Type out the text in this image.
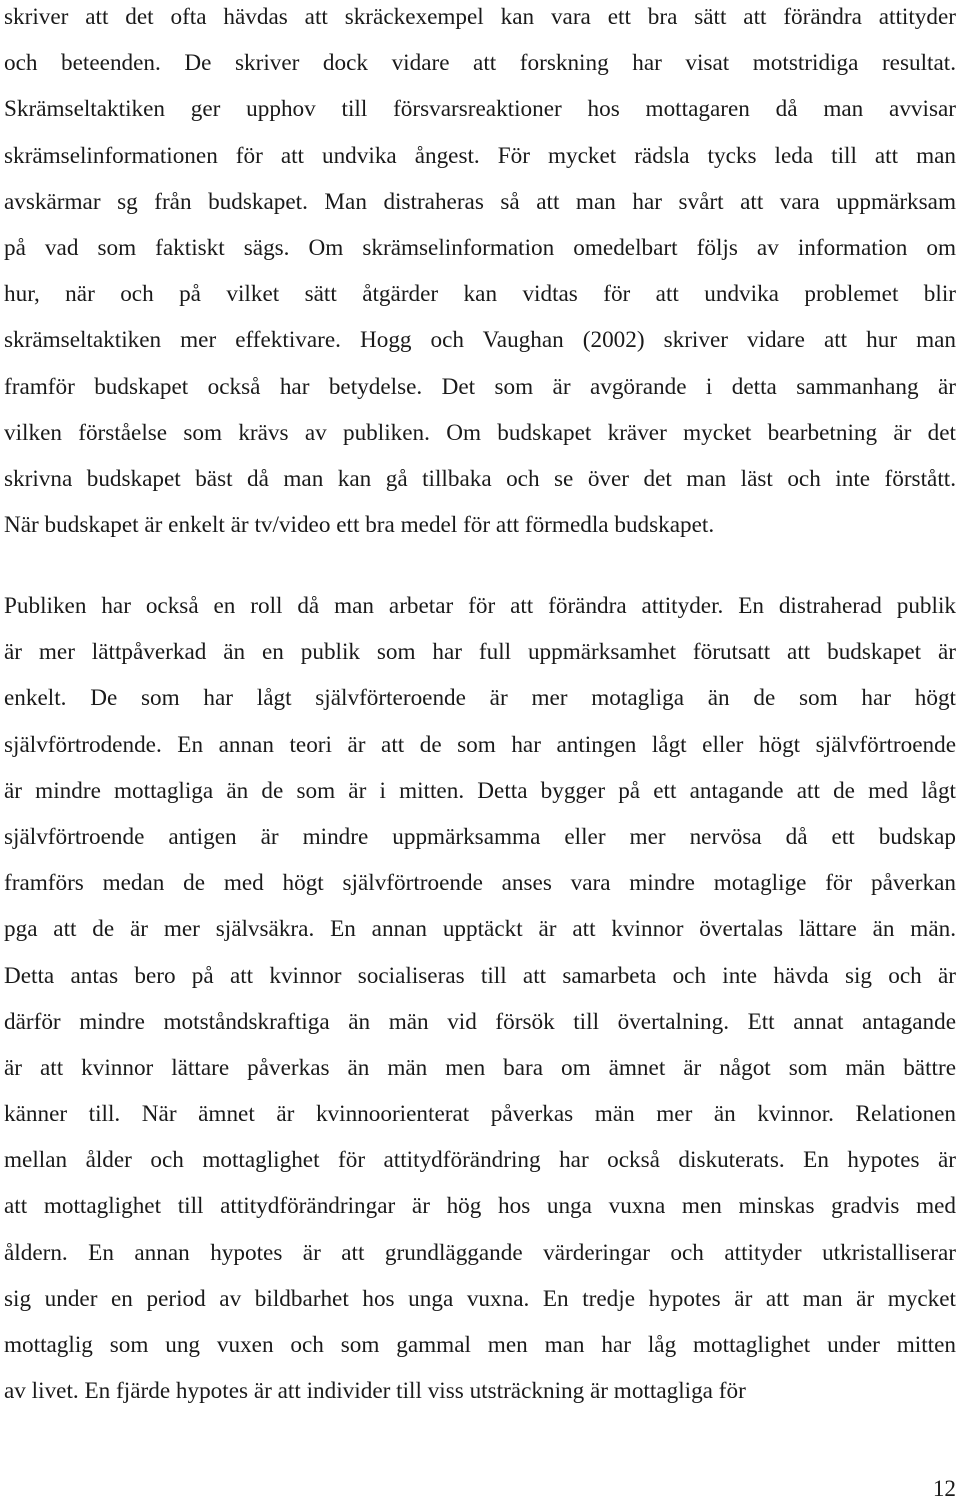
skriver att det ofta hävdas att skräckexempel kan vara ett bra sätt att förändra attityder
och beteenden. De skriver dock vidare att forskning har visat motstridiga resultat.
Skrämseltaktiken ger upphov till försvarsreaktioner hos mottagaren då man avvisar
skrämselinformationen för att undvika ångest. För mycket rädsla tycks leda till att man
avskärmar sg från budskapet. Man distraheras så att man har svårt att vara uppmärksam
på vad som faktiskt sägs. Om skrämselinformation omedelbart följs av information om
hur, när och på vilket sätt åtgärder kan vidtas för att undvika problemet blir
skrämseltaktiken mer effektivare. Hogg och Vaughan (2002) skriver vidare att hur man
framför budskapet också har betydelse. Det som är avgörande i detta sammanhang är
vilken förståelse som krävs av publiken. Om budskapet kräver mycket bearbetning är det
skrivna budskapet bäst då man kan gå tillbaka och se över det man läst och inte förstått.
När budskapet är enkelt är tv/video ett bra medel för att förmedla budskapet.
Publiken har också en roll då man arbetar för att förändra attityder. En distraherad publik
är mer lättpåverkad än en publik som har full uppmärksamhet förutsatt att budskapet är
enkelt. De som har lågt självförteroende är mer motagliga än de som har högt
självförtrodende. En annan teori är att de som har antingen lågt eller högt självförtroende
är mindre mottagliga än de som är i mitten. Detta bygger på ett antagande att de med lågt
självförtroende antigen är mindre uppmärksamma eller mer nervösa då ett budskap
framförs medan de med högt självförtroende anses vara mindre motaglige för påverkan
pga att de är mer självsäkra. En annan upptäckt är att kvinnor övertalas lättare än män.
Detta antas bero på att kvinnor socialiseras till att samarbeta och inte hävda sig och är
därför mindre motståndskraftiga än män vid försök till övertalning. Ett annat antagande
är att kvinnor lättare påverkas än män men bara om ämnet är något som män bättre
känner till. När ämnet är kvinnoorienterat påverkas män mer än kvinnor. Relationen
mellan ålder och mottaglighet för attitydförändring har också diskuterats. En hypotes är
att mottaglighet till attitydförändringar är hög hos unga vuxna men minskas gradvis med
åldern. En annan hypotes är att grundläggande värderingar och attityder utkristalliserar
sig under en period av bildbarhet hos unga vuxna. En tredje hypotes är att man är mycket
mottaglig som ung vuxen och som gammal men man har låg mottaglighet under mitten
av livet. En fjärde hypotes är att individer till viss utsträckning är mottagliga för
12
